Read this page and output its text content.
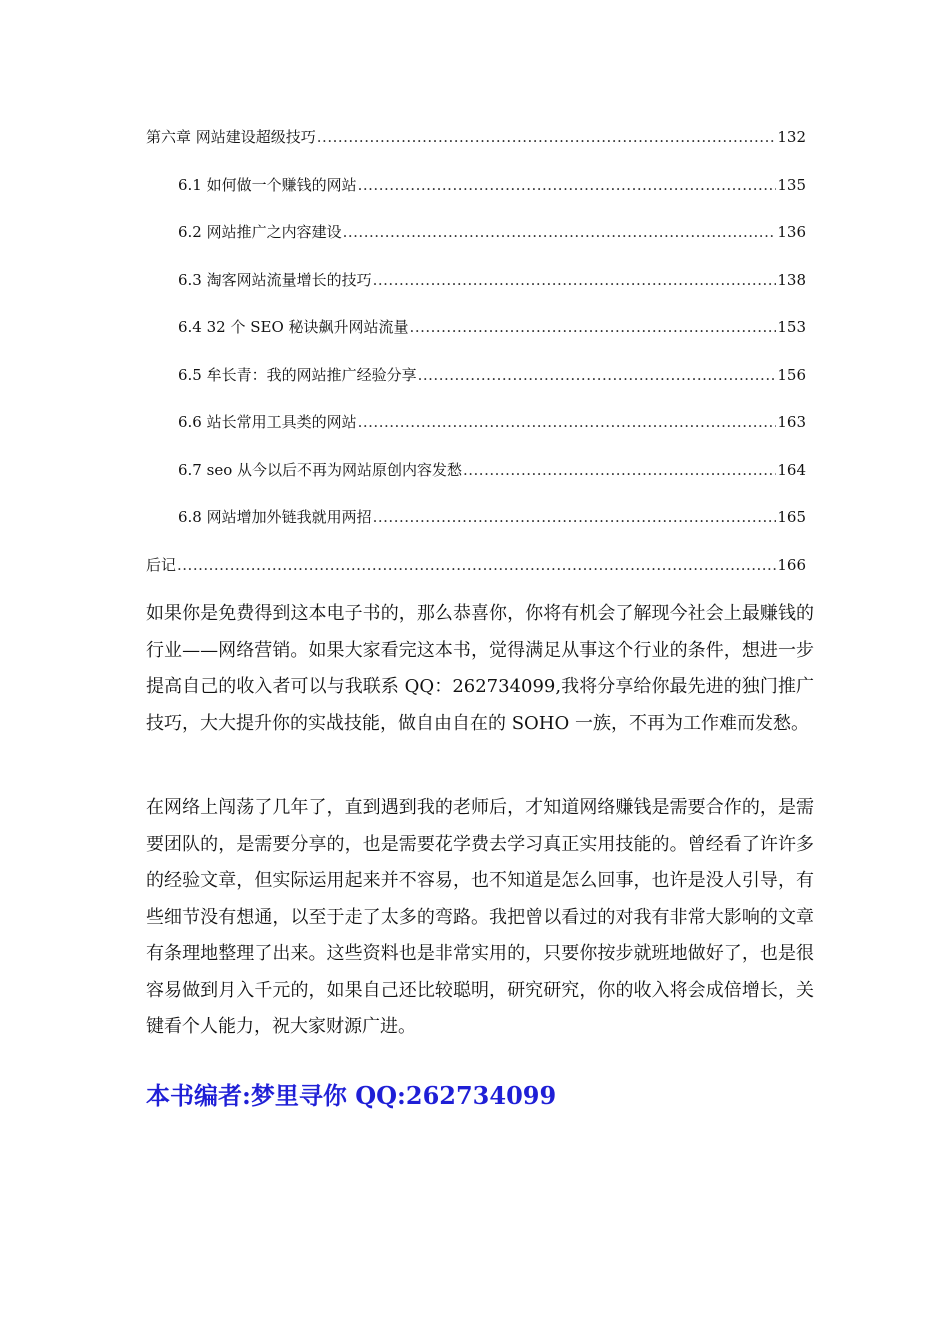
第六章 网站建设超级技巧 .....	132
6.1 如何做一个赚钱的网站 .....	135
6.2 网站推广之内容建设 .....	136
6.3 淘客网站流量增长的技巧 .....	138
6.4 32 个 SEO 秘诀飙升网站流量 .....	153
6.5 牟长青：我的网站推广经验分享 .....	156
6.6 站长常用工具类的网站 .....	163
6.7 seo 从今以后不再为网站原创内容发愁 .....	164
6.8 网站增加外链我就用两招 .....	165
后记 .....	166

如果你是免费得到这本电子书的，那么恭喜你，你将有机会了解现今社会上最赚钱的行业——网络营销。如果大家看完这本书，觉得满足从事这个行业的条件，想进一步提高自己的收入者可以与我联系 QQ：262734099,我将分享给你最先进的独门推广技巧，大大提升你的实战技能，做自由自在的 SOHO 一族，不再为工作难而发愁。

在网络上闯荡了几年了，直到遇到我的老师后，才知道网络赚钱是需要合作的，是需要团队的，是需要分享的，也是需要花学费去学习真正实用技能的。曾经看了许许多的经验文章，但实际运用起来并不容易，也不知道是怎么回事，也许是没人引导，有些细节没有想通，以至于走了太多的弯路。我把曾以看过的对我有非常大影响的文章有条理地整理了出来。这些资料也是非常实用的，只要你按步就班地做好了，也是很容易做到月入千元的，如果自己还比较聪明，研究研究，你的收入将会成倍增长，关键看个人能力，祝大家财源广进。

本书编者:梦里寻你 QQ:262734099
